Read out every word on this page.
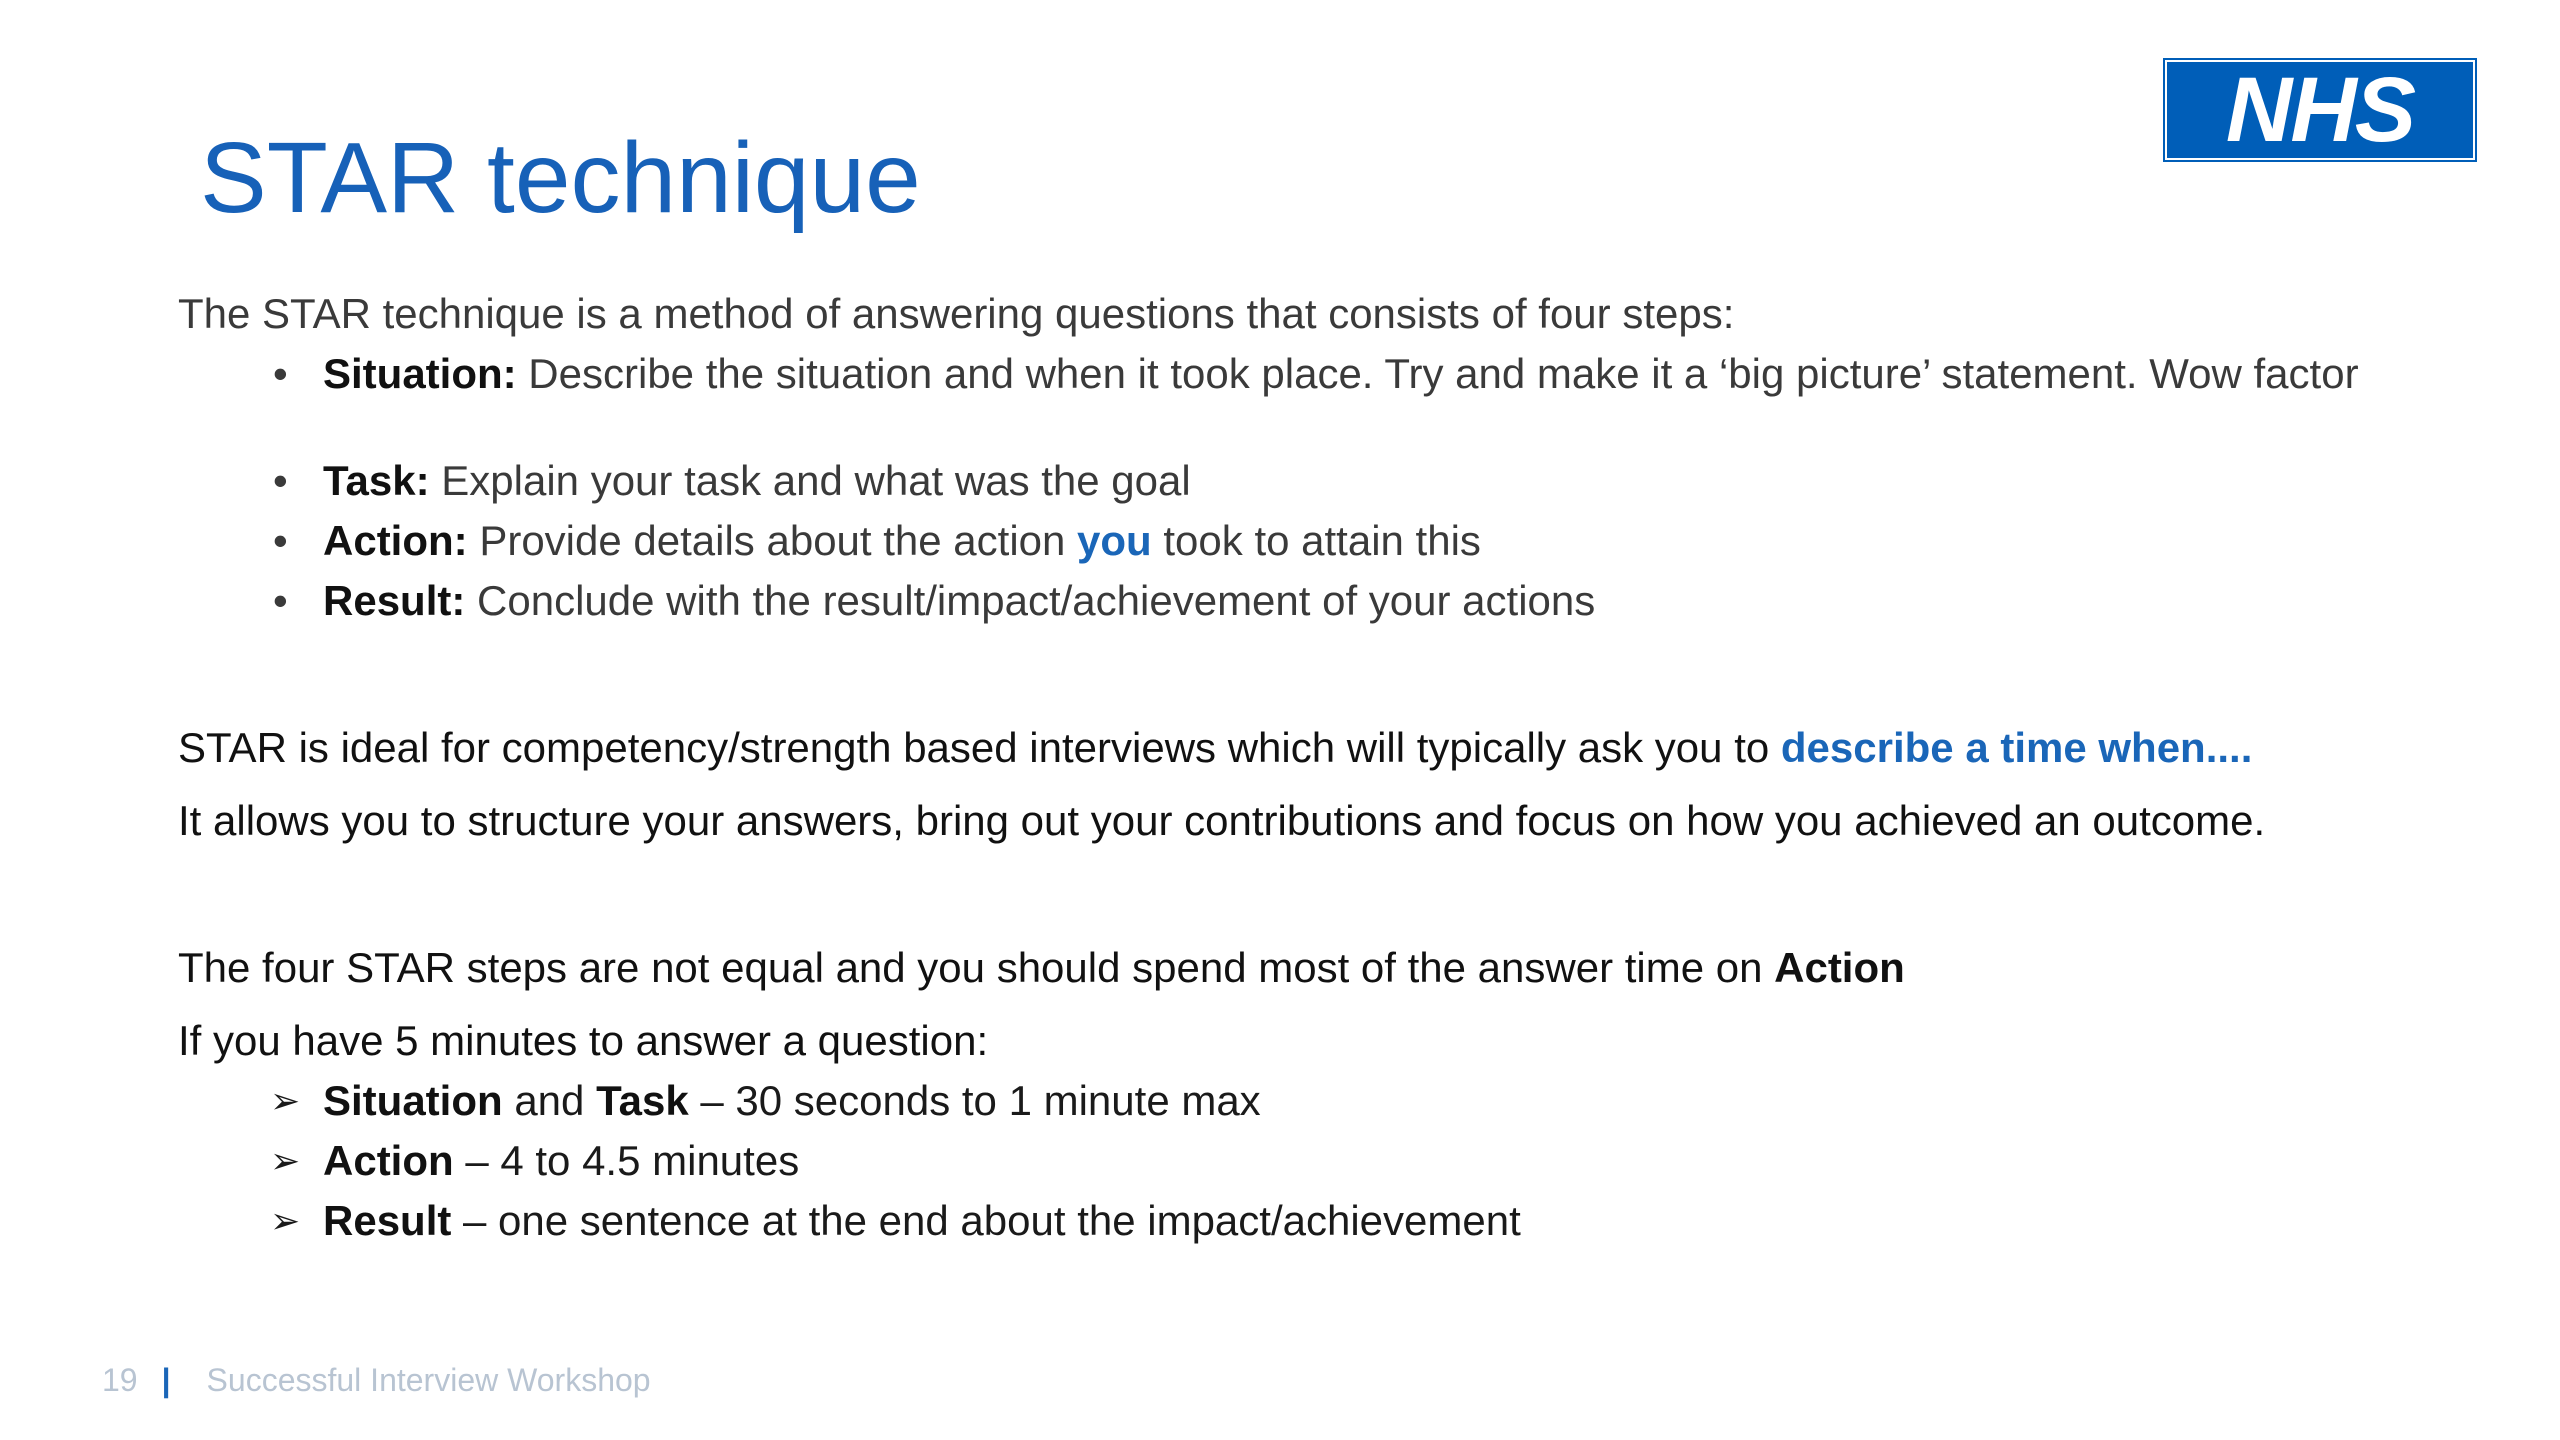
NHS
STAR technique
The STAR technique is a method of answering questions that consists of four steps:
• Situation: Describe the situation and when it took place. Try and make it a ‘big picture’ statement. Wow factor
• Task: Explain your task and what was the goal
• Action: Provide details about the action you took to attain this
• Result: Conclude with the result/impact/achievement of your actions
STAR is ideal for competency/strength based interviews which will typically ask you to describe a time when....
It allows you to structure your answers, bring out your contributions and focus on how you achieved an outcome.
The four STAR steps are not equal and you should spend most of the answer time on Action
If you have 5 minutes to answer a question:
➢ Situation and Task – 30 seconds to 1 minute max
➢ Action – 4 to 4.5 minutes
➢ Result – one sentence at the end about the impact/achievement
19 | Successful Interview Workshop
